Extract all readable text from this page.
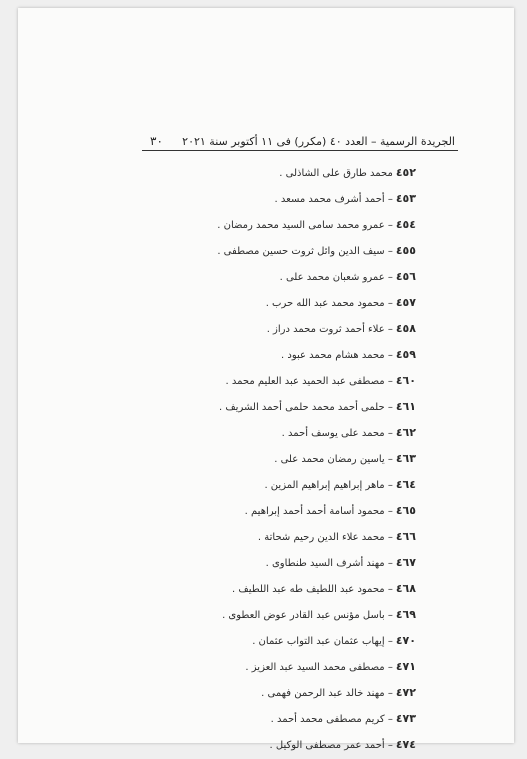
٣٠ الجريدة الرسمية – العدد ٤٠ (مكرر) فى ١١ أكتوبر سنة ٢٠٢١
٤٥٢محمد طارق على الشاذلى .
٤٥٣– أحمد أشرف محمد مسعد .
٤٥٤– عمرو محمد سامى السيد محمد رمضان .
٤٥٥– سيف الدين وائل ثروت حسين مصطفى .
٤٥٦– عمرو شعبان محمد على .
٤٥٧– محمود محمد عبد الله حرب .
٤٥٨– علاء أحمد ثروت محمد دراز .
٤٥٩– محمد هشام محمد عبود .
٤٦٠– مصطفى عبد الحميد عبد العليم محمد .
٤٦١– حلمى أحمد محمد حلمى أحمد الشريف .
٤٦٢– محمد على يوسف أحمد .
٤٦٣– ياسين رمضان محمد على .
٤٦٤– ماهر إبراهيم إبراهيم المزين .
٤٦٥– محمود أسامة أحمد أحمد إبراهيم .
٤٦٦– محمد علاء الدين رحيم شحاتة .
٤٦٧– مهند أشرف السيد طنطاوى .
٤٦٨– محمود عبد اللطيف طه عبد اللطيف .
٤٦٩– باسل مؤنس عبد القادر عوض العطوى .
٤٧٠– إيهاب عثمان عبد التواب عثمان .
٤٧١– مصطفى محمد السيد عبد العزيز .
٤٧٢– مهند خالد عبد الرحمن فهمى .
٤٧٣– كريم مصطفى محمد أحمد .
٤٧٤– أحمد عمر مصطفى الوكيل .
